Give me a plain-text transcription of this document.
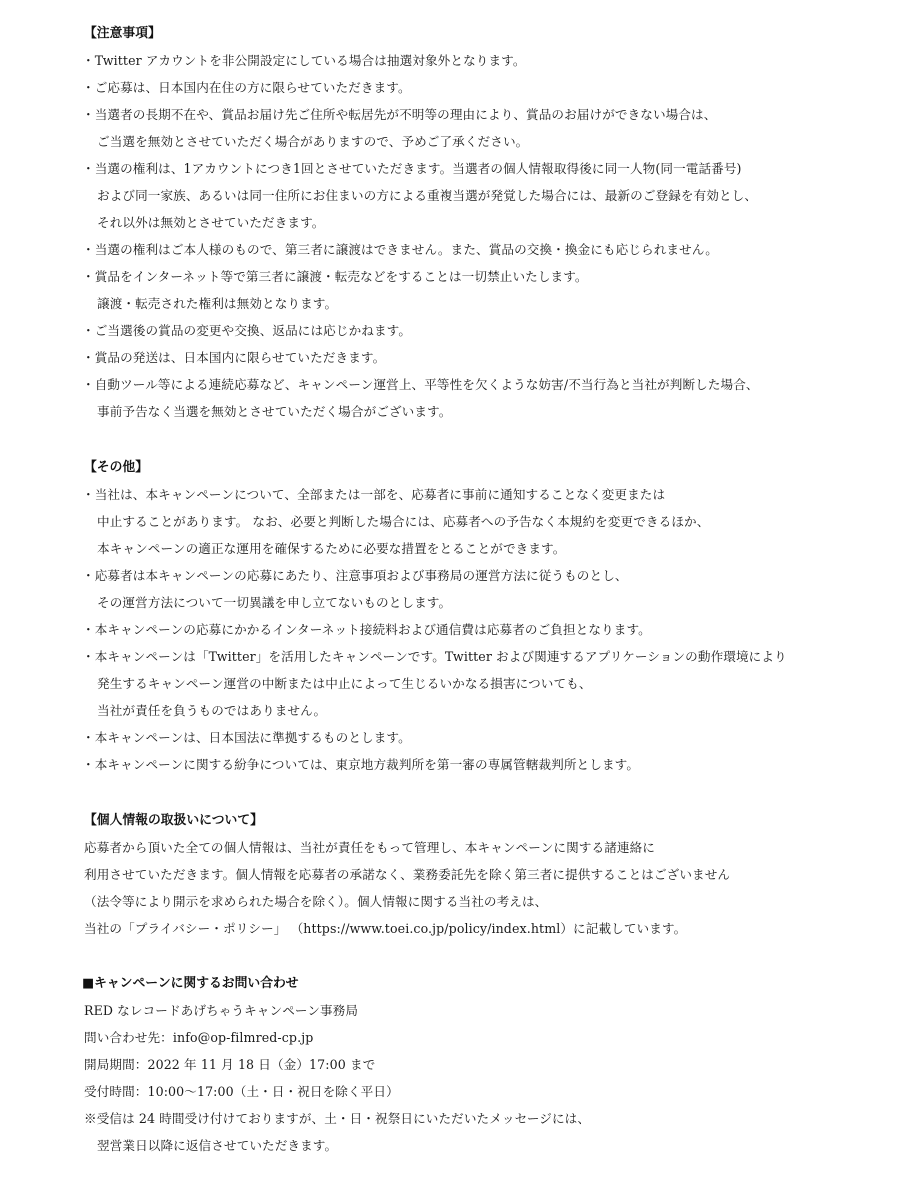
【注意事項】

・Twitter アカウントを非公開設定にしている場合は抽選対象外となります。

・ご応募は、日本国内在住の方に限らせていただきます。

・当選者の長期不在や、賞品お届け先ご住所や転居先が不明等の理由により、賞品のお届けができない場合は、

ご当選を無効とさせていただく場合がありますので、予めご了承ください。

・当選の権利は、1アカウントにつき1回とさせていただきます。当選者の個人情報取得後に同一人物(同一電話番号)

および同一家族、あるいは同一住所にお住まいの方による重複当選が発覚した場合には、最新のご登録を有効とし、

それ以外は無効とさせていただきます。

・当選の権利はご本人様のもので、第三者に譲渡はできません。また、賞品の交換・換金にも応じられません。

・賞品をインターネット等で第三者に譲渡・転売などをすることは一切禁止いたします。

譲渡・転売された権利は無効となります。

・ご当選後の賞品の変更や交換、返品には応じかねます。

・賞品の発送は、日本国内に限らせていただきます。

・自動ツール等による連続応募など、キャンペーン運営上、平等性を欠くような妨害/不当行為と当社が判断した場合、

事前予告なく当選を無効とさせていただく場合がございます。

【その他】

・当社は、本キャンペーンについて、全部または一部を、応募者に事前に通知することなく変更または

中止することがあります。 なお、必要と判断した場合には、応募者への予告なく本規約を変更できるほか、

本キャンペーンの適正な運用を確保するために必要な措置をとることができます。

・応募者は本キャンペーンの応募にあたり、注意事項および事務局の運営方法に従うものとし、

その運営方法について一切異議を申し立てないものとします。

・本キャンペーンの応募にかかるインターネット接続料および通信費は応募者のご負担となります。

・本キャンペーンは「Twitter」を活用したキャンペーンです。Twitter および関連するアプリケーションの動作環境により

発生するキャンペーン運営の中断または中止によって生じるいかなる損害についても、

当社が責任を負うものではありません。

・本キャンペーンは、日本国法に準拠するものとします。

・本キャンペーンに関する紛争については、東京地方裁判所を第一審の専属管轄裁判所とします。

【個人情報の取扱いについて】

応募者から頂いた全ての個人情報は、当社が責任をもって管理し、本キャンペーンに関する諸連絡に

利用させていただきます。個人情報を応募者の承諾なく、業務委託先を除く第三者に提供することはございません

（法令等により開示を求められた場合を除く）。個人情報に関する当社の考えは、

当社の「プライバシー・ポリシー」 （https://www.toei.co.jp/policy/index.html）に記載しています。

■キャンペーンに関するお問い合わせ

RED なレコードあげちゃうキャンペーン事務局

問い合わせ先：info@op-filmred-cp.jp

開局期間：2022 年 11 月 18 日（金）17:00 まで

受付時間：10:00〜17:00（土・日・祝日を除く平日）

※受信は 24 時間受け付けておりますが、土・日・祝祭日にいただいたメッセージには、

翌営業日以降に返信させていただきます。
